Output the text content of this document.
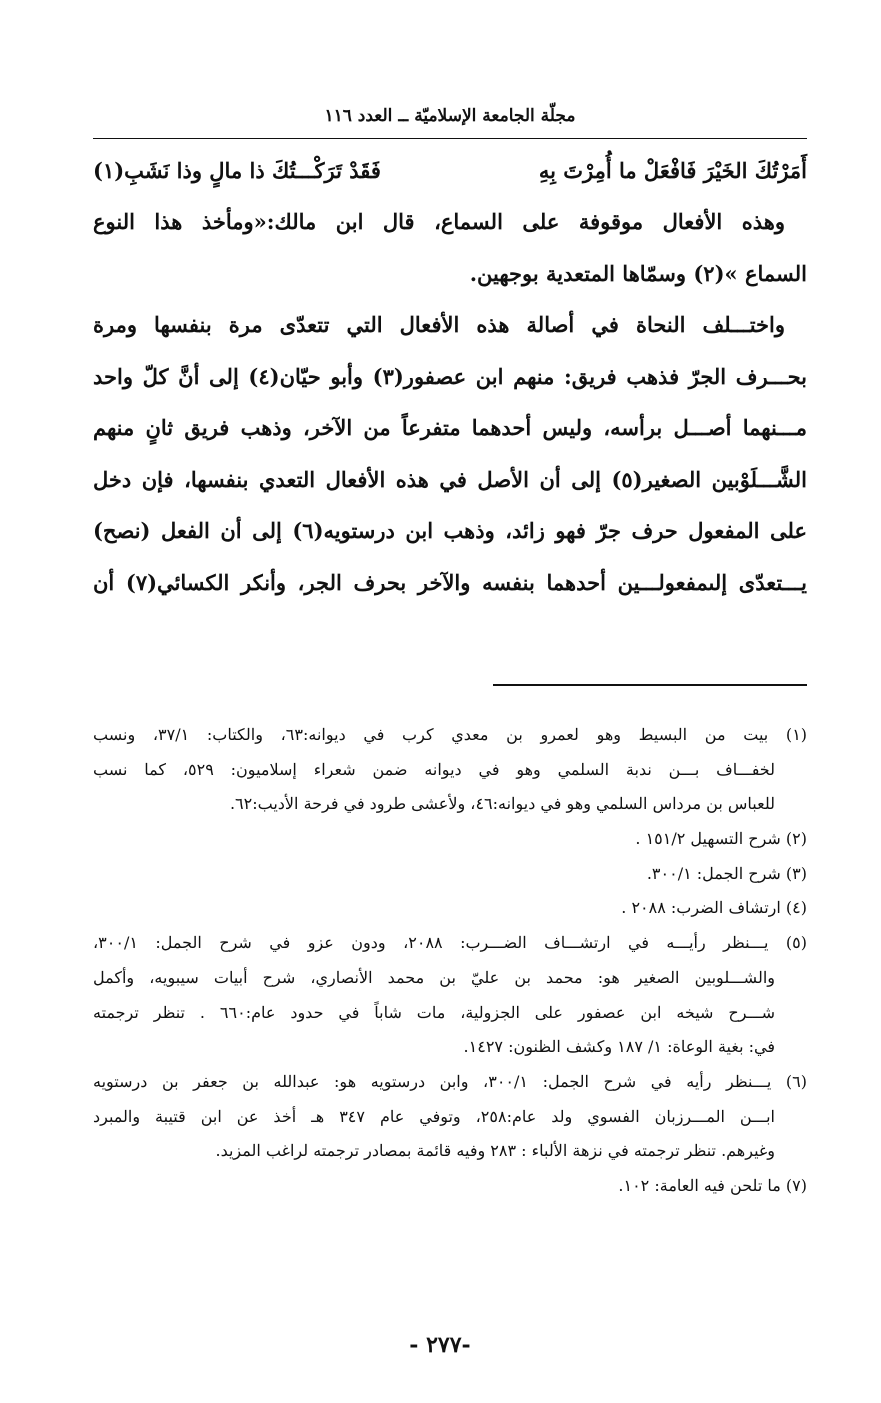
مجلّة الجامعة الإسلاميّة ــ العدد ١١٦
أَمَرْتُكَ الخَيْرَ فَافْعَلْ ما أُمِرْتَ بِهِ
فَقَدْ تَرَكْـــتُكَ ذا مالٍ وذا نَشَبِ(١)
وهذه الأفعال موقوفة على السماع، قال ابن مالك:«ومأخذ هذا النوع
السماع »(٢) وسمّاها المتعدية بوجهين.
واختـــلف النحاة في أصالة هذه الأفعال التي تتعدّى مرة بنفسها ومرة
بحـــرف الجرّ فذهب فريق: منهم ابن عصفور(٣) وأبو حيّان(٤) إلى أنَّ كلّ واحد
مـــنهما أصـــل برأسه، وليس أحدهما متفرعاً من الآخر، وذهب فريق ثانٍ منهم
الشَّـــلَوْبين الصغير(٥) إلى أن الأصل في هذه الأفعال التعدي بنفسها، فإن دخل
على المفعول حرف جرّ فهو زائد، وذهب ابن درستويه(٦) إلى أن الفعل (نصح)
يـــتعدّى إلىمفعولـــين أحدهما بنفسه والآخر بحرف الجر، وأنكر الكسائي(٧) أن
(١) بيت من البسيط وهو لعمرو بن معدي كرب في ديوانه:٦٣، والكتاب: ٣٧/١، ونسب
لخفـــاف بـــن ندبة السلمي وهو في ديوانه ضمن شعراء إسلاميون: ٥٢٩، كما نسب
للعباس بن مرداس السلمي وهو في ديوانه:٤٦، ولأعشى طرود في فرحة الأديب:٦٢.
(٢) شرح التسهيل ١٥١/٢ .
(٣) شرح الجمل: ٣٠٠/١.
(٤) ارتشاف الضرب: ٢٠٨٨ .
(٥) يـــنظر رأيـــه في ارتشـــاف الضـــرب: ٢٠٨٨، ودون عزو في شرح الجمل: ٣٠٠/١،
والشـــلوبين الصغير هو: محمد بن عليّ بن محمد الأنصاري، شرح أبيات سيبويه، وأكمل
شـــرح شيخه ابن عصفور على الجزولية، مات شاباً في حدود عام:٦٦٠ . تنظر ترجمته
في: بغية الوعاة: ١/ ١٨٧ وكشف الظنون: ١٤٢٧.
(٦) يـــنظر رأيه في شرح الجمل: ٣٠٠/١، وابن درستويه هو: عبدالله بن جعفر بن درستويه
ابـــن المـــرزبان الفسوي ولد عام:٢٥٨، وتوفي عام ٣٤٧ هـ أخذ عن ابن قتيبة والمبرد
وغيرهم. تنظر ترجمته في نزهة الألباء : ٢٨٣ وفيه قائمة بمصادر ترجمته لراغب المزيد.
(٧) ما تلحن فيه العامة: ١٠٢.
-٢٧٧ -
